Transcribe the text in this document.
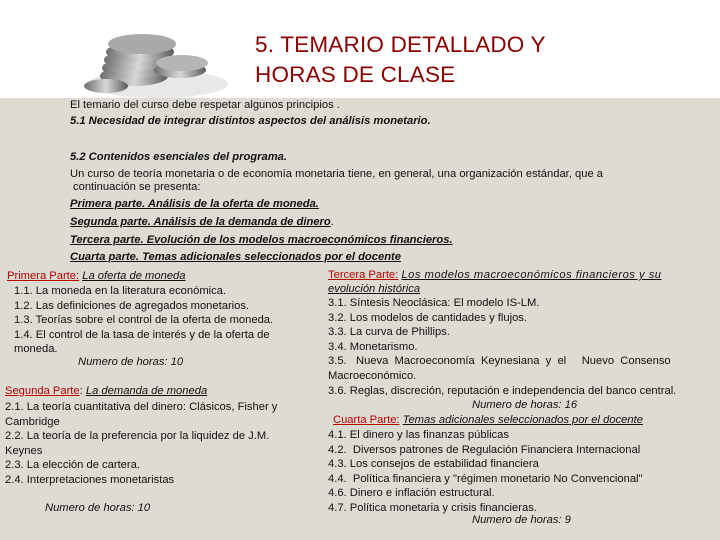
5. TEMARIO DETALLADO Y
HORAS DE CLASE
El temario del curso debe respetar algunos principios .
5.1 Necesidad de integrar distintos aspectos del análisis monetario.
5.2 Contenidos esenciales del programa.
Un curso de teoría monetaria o de economía monetaria tiene, en general, una organización estándar, que a
continuación se presenta:
Primera parte. Análisis de la oferta de moneda.
Segunda parte. Análisis de la demanda de dinero.
Tercera parte. Evolución de los modelos macroeconómicos financieros.
Cuarta parte. Temas adicionales seleccionados por el docente
Primera Parte: La oferta de moneda
1.1. La moneda en la literatura económica.
1.2. Las definiciones de agregados monetarios.
1.3. Teorías sobre el control de la oferta de moneda.
1.4. El control de la tasa de interés y de la oferta de
moneda.
Numero de horas: 10
Segunda Parte: La demanda de moneda
2.1. La teoría cuantitativa del dinero: Clásicos, Fisher y
Cambridge
2.2. La teoría de la preferencia por la liquidez de J.M.
Keynes
2.3. La elección de cartera.
2.4. Interpretaciones monetaristas
Numero de horas: 10
Tercera Parte: Los modelos macroeconómicos financieros y su
evolución histórica
3.1. Síntesis Neoclásica: El modelo IS-LM.
3.2. Los modelos de cantidades y flujos.
3.3. La curva de Phillips.
3.4. Monetarismo.
3.5.   Nueva  Macroeconomía  Keynesiana  y  el     Nuevo  Consenso
Macroeconómico.
3.6. Reglas, discreción, reputación e independencia del banco central.
Numero de horas: 16
Cuarta Parte: Temas adicionales seleccionados por el docente
4.1. El dinero y las finanzas públicas
4.2.  Diversos patrones de Regulación Financiera Internacional
4.3. Los consejos de estabilidad financiera
4.4.  Política financiera y "régimen monetario No Convencional"
4.6. Dinero e inflación estructural.
4.7. Política monetaria y crisis financieras.
Numero de horas: 9
